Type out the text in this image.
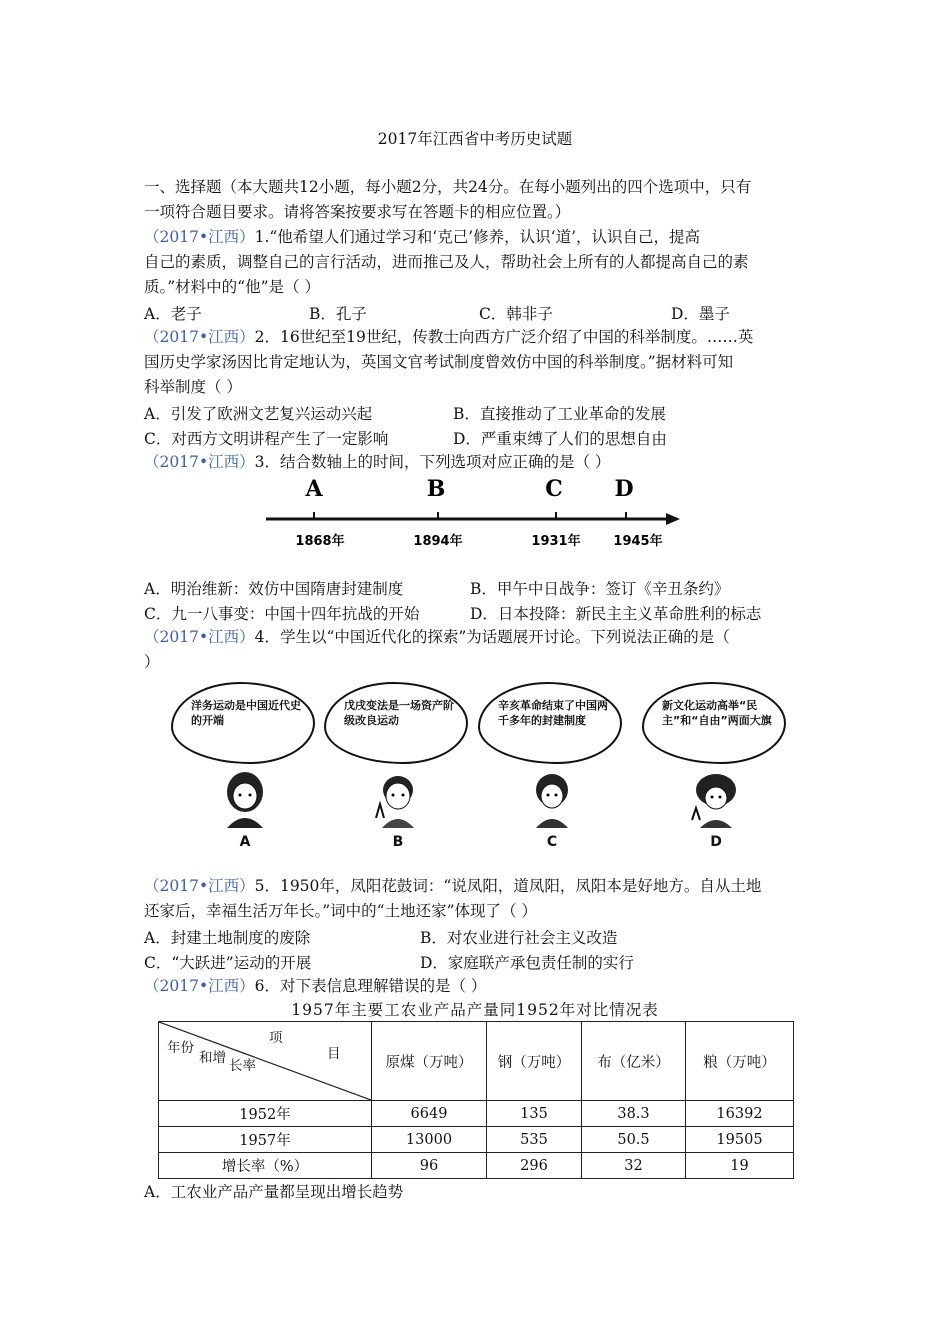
2017年江西省中考历史试题
一、选择题（本大题共12小题，每小题2分，共24分。在每小题列出的四个选项中，只有
一项符合题目要求。请将答案按要求写在答题卡的相应位置。）
（2017•江西）1.“他希望人们通过学习和‘克己’修养，认识‘道’，认识自己，提高
自己的素质，调整自己的言行活动，进而推己及人，帮助社会上所有的人都提高自己的素
质。”材料中的“他”是（ ）
A．老子	B．孔子	C．韩非子	D．墨子
（2017•江西）2．16世纪至19世纪，传教士向西方广泛介绍了中国的科举制度。……英
国历史学家汤因比肯定地认为，英国文官考试制度曾效仿中国的科举制度。”据材料可知
科举制度（ ）
A．引发了欧洲文艺复兴运动兴起	B．直接推动了工业革命的发展
C．对西方文明讲程产生了一定影响	D．严重束缚了人们的思想自由
（2017•江西）3．结合数轴上的时间，下列选项对应正确的是（ ）
A	B	C D
1868年	1894年	1931年	1945年
A．明治维新：效仿中国隋唐封建制度	B．甲午中日战争：签订《辛丑条约》
C．九一八事变：中国十四年抗战的开始	D．日本投降：新民主主义革命胜利的标志
（2017•江西）4．学生以“中国近代化的探索”为话题展开讨论。下列说法正确的是（
）
洋务运动是中国近代史的开端
A
戊戌变法是一场资产阶级改良运动
B
辛亥革命结束了中国两千多年的封建制度
C
新文化运动高举“民主”和“自由”两面大旗
D
（2017•江西）5．1950年，凤阳花鼓词：“说凤阳，道凤阳，凤阳本是好地方。自从土地
还家后，幸福生活万年长。”词中的“土地还家”体现了（ ）
A．封建土地制度的废除	B．对农业进行社会主义改造
C．“大跃进”运动的开展	D．家庭联产承包责任制的实行
（2017•江西）6．对下表信息理解错误的是（ ）
1957年主要工农业产品产量同1952年对比情况表
项
目
年份
和增 长率	原煤（万吨）	钢（万吨）	布（亿米）	粮（万吨）
1952年	6649	135	38.3	16392
1957年	13000	535	50.5	19505
增长率（%）	96	296	32	19
A．工农业产品产量都呈现出增长趋势
